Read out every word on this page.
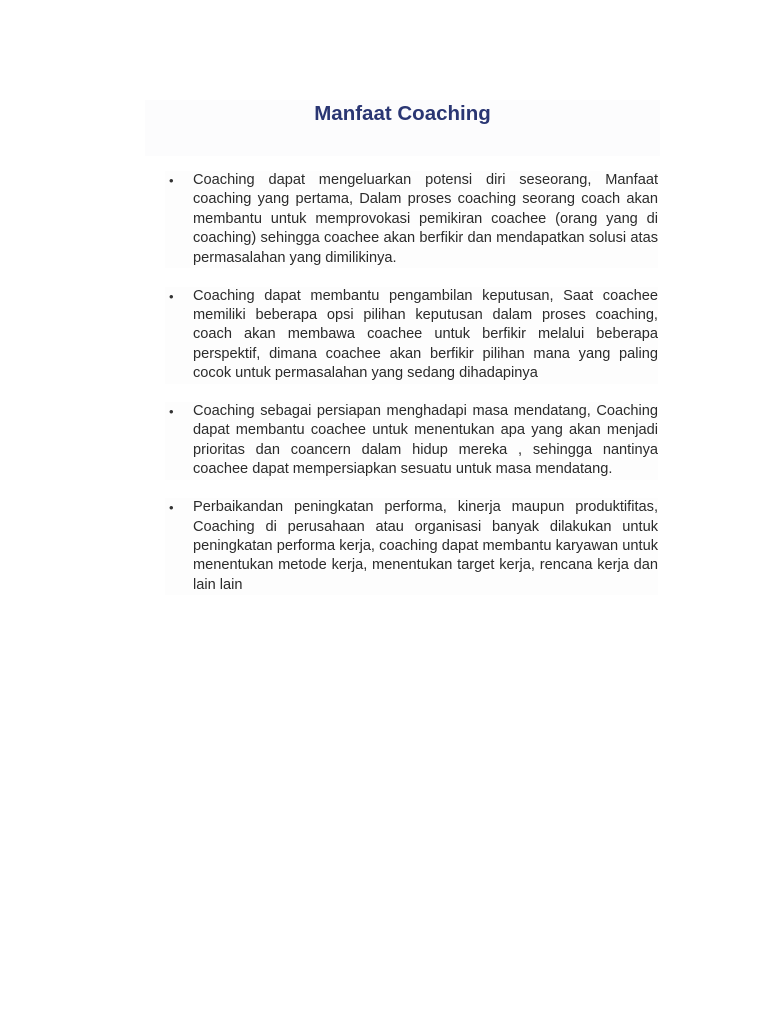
Manfaat Coaching
• Coaching dapat mengeluarkan potensi diri seseorang, Manfaat coaching yang pertama, Dalam proses coaching seorang coach akan membantu untuk memprovokasi pemikiran coachee (orang yang di coaching) sehingga coachee akan berfikir dan mendapatkan solusi atas permasalahan yang dimilikinya.

• Coaching dapat membantu pengambilan keputusan, Saat coachee memiliki beberapa opsi pilihan keputusan dalam proses coaching, coach akan membawa coachee untuk berfikir melalui beberapa perspektif, dimana coachee akan berfikir pilihan mana yang paling cocok untuk permasalahan yang sedang dihadapinya

• Coaching sebagai persiapan menghadapi masa mendatang, Coaching dapat membantu coachee untuk menentukan apa yang akan menjadi prioritas dan coancern dalam hidup mereka , sehingga nantinya coachee dapat mempersiapkan sesuatu untuk masa mendatang.

• Perbaikandan peningkatan performa, kinerja maupun produktifitas, Coaching di perusahaan atau organisasi banyak dilakukan untuk peningkatan performa kerja, coaching dapat membantu karyawan untuk menentukan metode kerja, menentukan target kerja, rencana kerja dan lain lain
